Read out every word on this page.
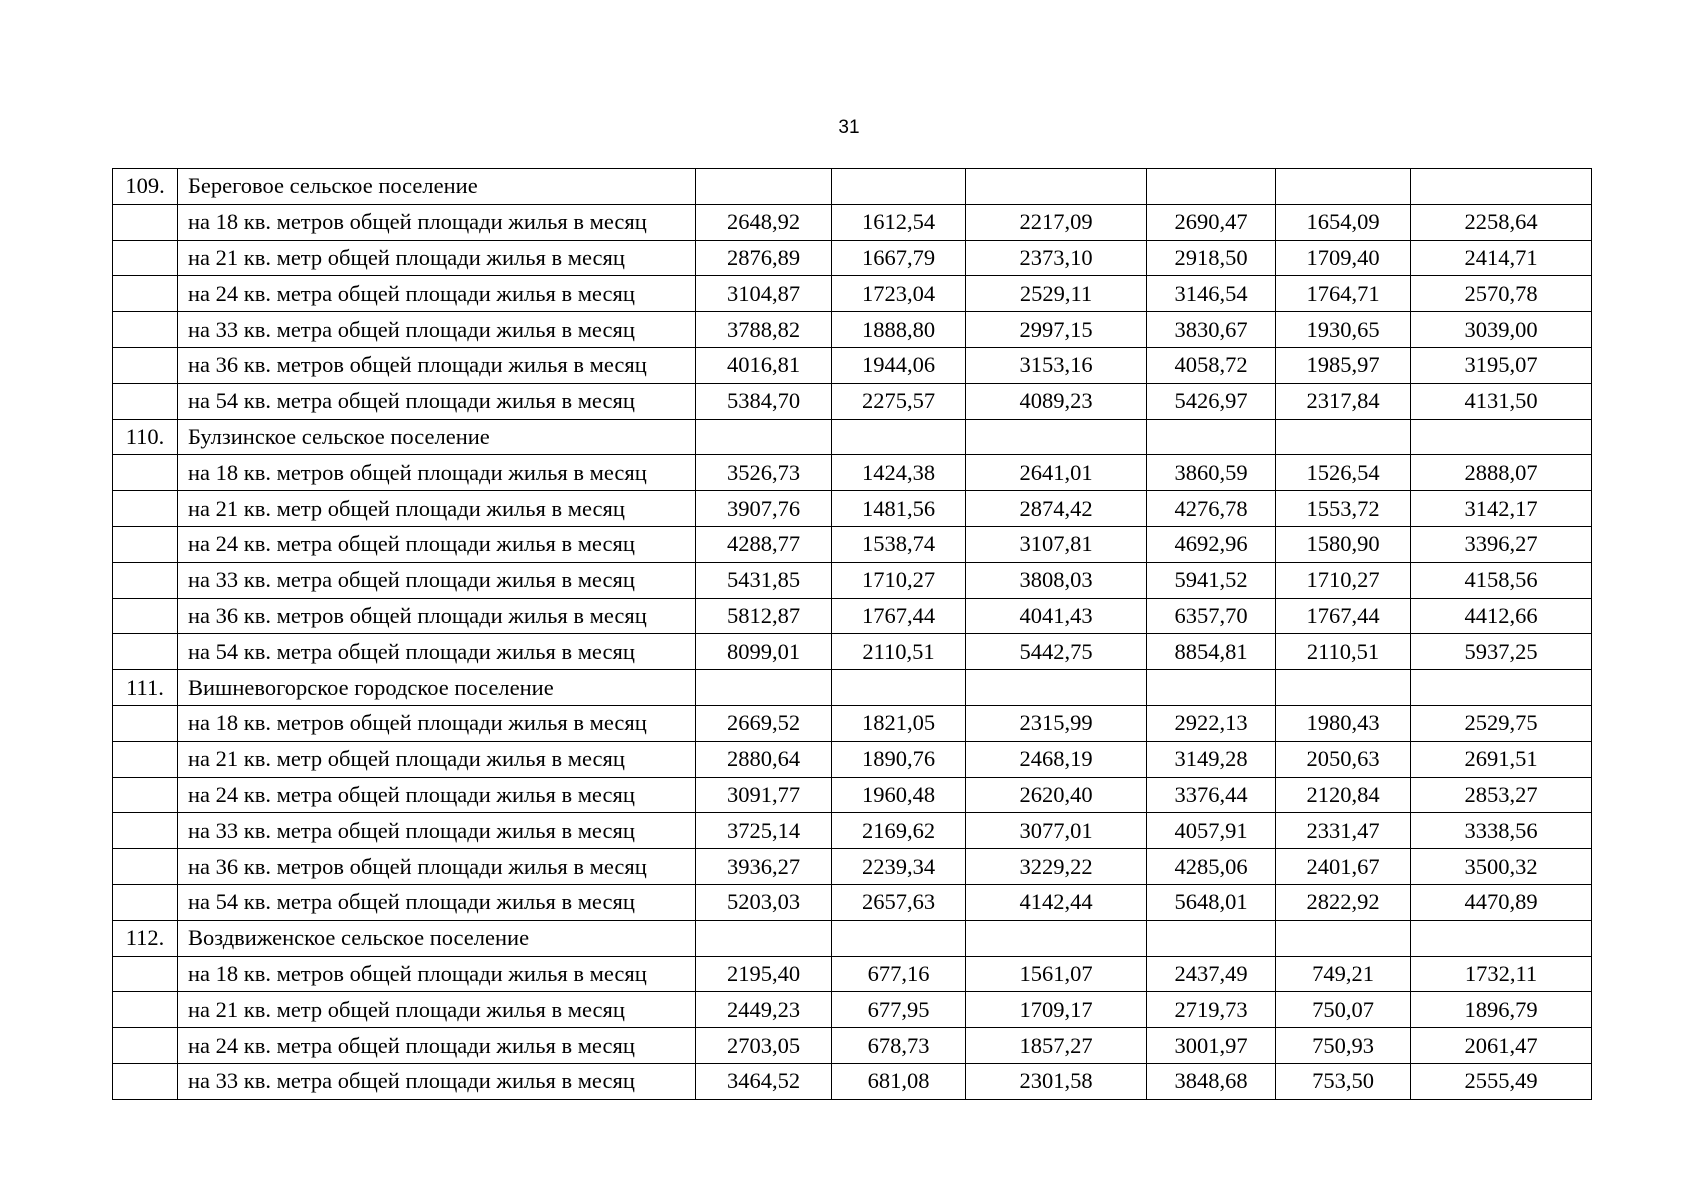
31
109.	Береговое сельское поселение						
	на 18 кв. метров общей площади жилья в месяц	2648,92	1612,54	2217,09	2690,47	1654,09	2258,64
	на 21 кв. метр общей площади жилья в месяц	2876,89	1667,79	2373,10	2918,50	1709,40	2414,71
	на 24 кв. метра общей площади жилья в месяц	3104,87	1723,04	2529,11	3146,54	1764,71	2570,78
	на 33 кв. метра общей площади жилья в месяц	3788,82	1888,80	2997,15	3830,67	1930,65	3039,00
	на 36 кв. метров общей площади жилья в месяц	4016,81	1944,06	3153,16	4058,72	1985,97	3195,07
	на 54 кв. метра общей площади жилья в месяц	5384,70	2275,57	4089,23	5426,97	2317,84	4131,50
110.	Булзинское сельское поселение						
	на 18 кв. метров общей площади жилья в месяц	3526,73	1424,38	2641,01	3860,59	1526,54	2888,07
	на 21 кв. метр общей площади жилья в месяц	3907,76	1481,56	2874,42	4276,78	1553,72	3142,17
	на 24 кв. метра общей площади жилья в месяц	4288,77	1538,74	3107,81	4692,96	1580,90	3396,27
	на 33 кв. метра общей площади жилья в месяц	5431,85	1710,27	3808,03	5941,52	1710,27	4158,56
	на 36 кв. метров общей площади жилья в месяц	5812,87	1767,44	4041,43	6357,70	1767,44	4412,66
	на 54 кв. метра общей площади жилья в месяц	8099,01	2110,51	5442,75	8854,81	2110,51	5937,25
111.	Вишневогорское городское поселение						
	на 18 кв. метров общей площади жилья в месяц	2669,52	1821,05	2315,99	2922,13	1980,43	2529,75
	на 21 кв. метр общей площади жилья в месяц	2880,64	1890,76	2468,19	3149,28	2050,63	2691,51
	на 24 кв. метра общей площади жилья в месяц	3091,77	1960,48	2620,40	3376,44	2120,84	2853,27
	на 33 кв. метра общей площади жилья в месяц	3725,14	2169,62	3077,01	4057,91	2331,47	3338,56
	на 36 кв. метров общей площади жилья в месяц	3936,27	2239,34	3229,22	4285,06	2401,67	3500,32
	на 54 кв. метра общей площади жилья в месяц	5203,03	2657,63	4142,44	5648,01	2822,92	4470,89
112.	Воздвиженское сельское поселение						
	на 18 кв. метров общей площади жилья в месяц	2195,40	677,16	1561,07	2437,49	749,21	1732,11
	на 21 кв. метр общей площади жилья в месяц	2449,23	677,95	1709,17	2719,73	750,07	1896,79
	на 24 кв. метра общей площади жилья в месяц	2703,05	678,73	1857,27	3001,97	750,93	2061,47
	на 33 кв. метра общей площади жилья в месяц	3464,52	681,08	2301,58	3848,68	753,50	2555,49
